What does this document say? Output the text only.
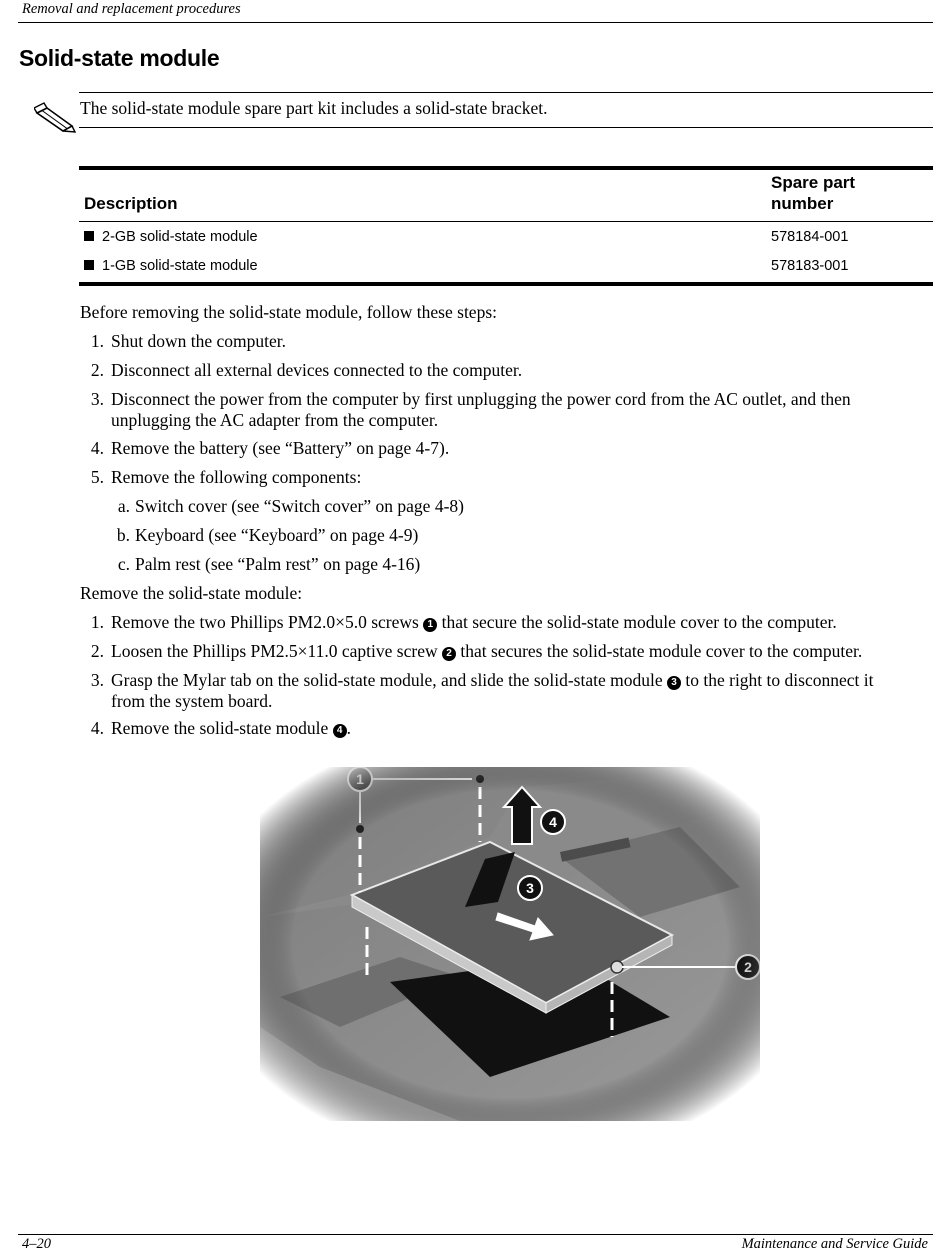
Removal and replacement procedures
Solid-state module
The solid-state module spare part kit includes a solid-state bracket.
Description	Spare part
number
2-GB solid-state module	578184-001
1-GB solid-state module	578183-001
Before removing the solid-state module, follow these steps:
1. Shut down the computer.
2. Disconnect all external devices connected to the computer.
3. Disconnect the power from the computer by first unplugging the power cord from the AC outlet, and then
unplugging the AC adapter from the computer.
4. Remove the battery (see “Battery” on page 4-7).
5. Remove the following components:
a. Switch cover (see “Switch cover” on page 4-8)
b. Keyboard (see “Keyboard” on page 4-9)
c. Palm rest (see “Palm rest” on page 4-16)
Remove the solid-state module:
1. Remove the two Phillips PM2.0×5.0 screws 1 that secure the solid-state module cover to the computer.
2. Loosen the Phillips PM2.5×11.0 captive screw 2 that secures the solid-state module cover to the computer.
3. Grasp the Mylar tab on the solid-state module, and slide the solid-state module 3 to the right to disconnect it
from the system board.
4. Remove the solid-state module 4 .
4–20	Maintenance and Service Guide
